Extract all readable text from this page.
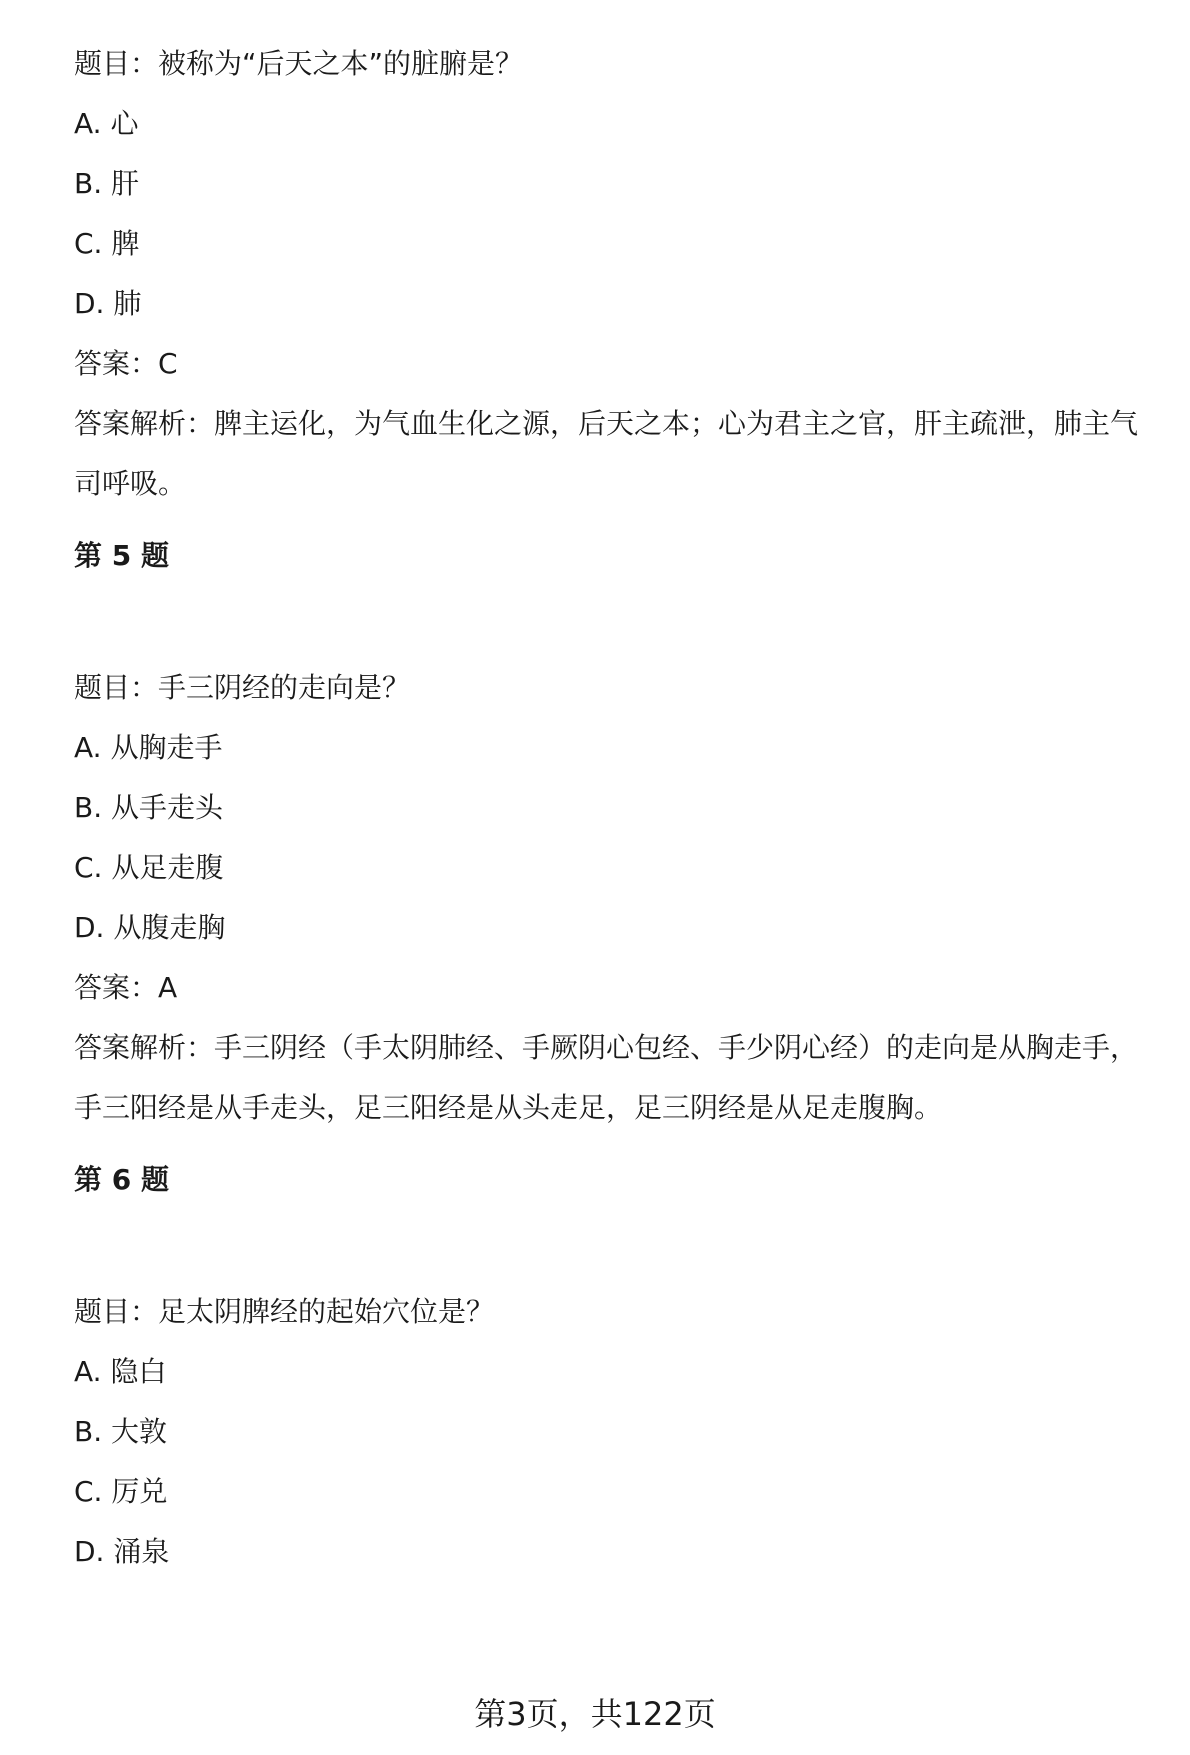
题目：被称为“后天之本”的脏腑是？
A. 心
B. 肝
C. 脾
D. 肺
答案：C
答案解析：脾主运化，为气血生化之源，后天之本；心为君主之官，肝主疏泄，肺主气司呼吸。
第 5 题
题目：手三阴经的走向是？
A. 从胸走手
B. 从手走头
C. 从足走腹
D. 从腹走胸
答案：A
答案解析：手三阴经（手太阴肺经、手厥阴心包经、手少阴心经）的走向是从胸走手，手三阳经是从手走头，足三阳经是从头走足，足三阴经是从足走腹胸。
第 6 题
题目：足太阴脾经的起始穴位是？
A. 隐白
B. 大敦
C. 厉兑
D. 涌泉
第3页，共122页
